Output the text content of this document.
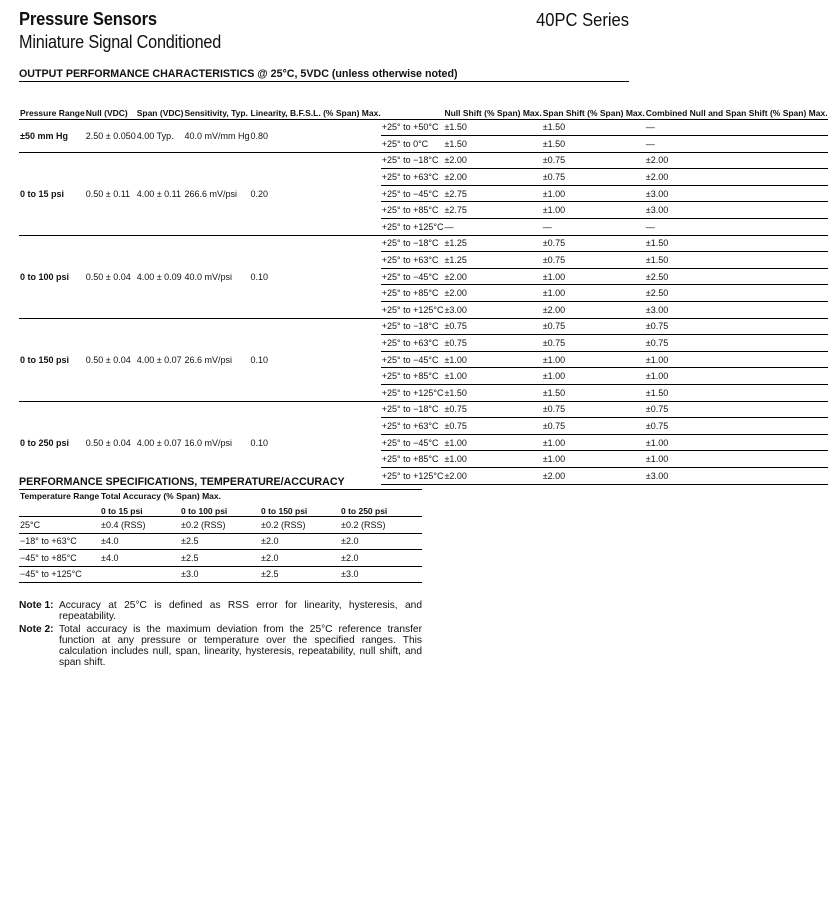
Pressure Sensors
Miniature Signal Conditioned
40PC Series
OUTPUT PERFORMANCE CHARACTERISTICS @ 25°C, 5VDC (unless otherwise noted)
Pressure Range	Null (VDC)	Span (VDC)	Sensitivity, Typ.	Linearity, B.F.S.L. (% Span) Max.		Null Shift (% Span) Max.	Span Shift (% Span) Max.	Combined Null and Span Shift (% Span) Max.
±50 mm Hg	2.50 ± 0.050	4.00 Typ.	40.0 mV/mm Hg	0.80	+25° to +50°C	±1.50	±1.50	—
					+25° to 0°C	±1.50	±1.50	—
0 to 15 psi	0.50 ± 0.11	4.00 ± 0.11	266.6 mV/psi	0.20	+25° to −18°C	±2.00	±0.75	±2.00
					+25° to +63°C	±2.00	±0.75	±2.00
					+25° to −45°C	±2.75	±1.00	±3.00
					+25° to +85°C	±2.75	±1.00	±3.00
					+25° to +125°C	—	—	—
0 to 100 psi	0.50 ± 0.04	4.00 ± 0.09	40.0 mV/psi	0.10	+25° to −18°C	±1.25	±0.75	±1.50
					+25° to +63°C	±1.25	±0.75	±1.50
					+25° to −45°C	±2.00	±1.00	±2.50
					+25° to +85°C	±2.00	±1.00	±2.50
					+25° to +125°C	±3.00	±2.00	±3.00
0 to 150 psi	0.50 ± 0.04	4.00 ± 0.07	26.6 mV/psi	0.10	+25° to −18°C	±0.75	±0.75	±0.75
					+25° to +63°C	±0.75	±0.75	±0.75
					+25° to −45°C	±1.00	±1.00	±1.00
					+25° to +85°C	±1.00	±1.00	±1.00
					+25° to +125°C	±1.50	±1.50	±1.50
0 to 250 psi	0.50 ± 0.04	4.00 ± 0.07	16.0 mV/psi	0.10	+25° to −18°C	±0.75	±0.75	±0.75
					+25° to +63°C	±0.75	±0.75	±0.75
					+25° to −45°C	±1.00	±1.00	±1.00
					+25° to +85°C	±1.00	±1.00	±1.00
					+25° to +125°C	±2.00	±2.00	±3.00
PERFORMANCE SPECIFICATIONS, TEMPERATURE/ACCURACY
Temperature Range	Total Accuracy (% Span) Max.			
	0 to 15 psi	0 to 100 psi	0 to 150 psi	0 to 250 psi
25°C	±0.4 (RSS)	±0.2 (RSS)	±0.2 (RSS)	±0.2 (RSS)
−18° to +63°C	±4.0	±2.5	±2.0	±2.0
−45° to +85°C	±4.0	±2.5	±2.0	±2.0
−45° to +125°C		±3.0	±2.5	±3.0
Note 1: Accuracy at 25°C is defined as RSS error for linearity, hysteresis, and repeatability.
Note 2: Total accuracy is the maximum deviation from the 25°C reference transfer function at any pressure or temperature over the specified ranges. This calculation includes null, span, linearity, hysteresis, repeatability, null shift, and span shift.
